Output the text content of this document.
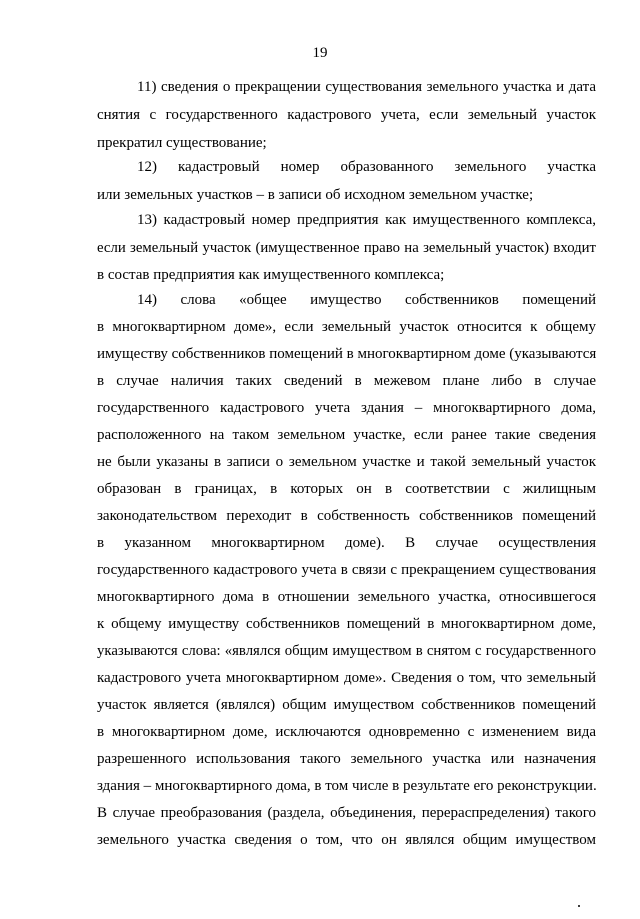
19
11) сведения о прекращении существования земельного участка и дата
снятия с государственного кадастрового учета, если земельный участок
прекратил существование;
12) кадастровый номер образованного земельного участка
или земельных участков – в записи об исходном земельном участке;
13) кадастровый номер предприятия как имущественного комплекса,
если земельный участок (имущественное право на земельный участок) входит
в состав предприятия как имущественного комплекса;
14) слова «общее имущество собственников помещений
в многоквартирном доме», если земельный участок относится к общему
имуществу собственников помещений в многоквартирном доме (указываются
в случае наличия таких сведений в межевом плане либо в случае
государственного кадастрового учета здания – многоквартирного дома,
расположенного на таком земельном участке, если ранее такие сведения
не были указаны в записи о земельном участке и такой земельный участок
образован в границах, в которых он в соответствии с жилищным
законодательством переходит в собственность собственников помещений
в указанном многоквартирном доме). В случае осуществления
государственного кадастрового учета в связи с прекращением существования
многоквартирного дома в отношении земельного участка, относившегося
к общему имуществу собственников помещений в многоквартирном доме,
указываются слова: «являлся общим имуществом в снятом с государственного
кадастрового учета многоквартирном доме». Сведения о том, что земельный
участок является (являлся) общим имуществом собственников помещений
в многоквартирном доме, исключаются одновременно с изменением вида
разрешенного использования такого земельного участка или назначения
здания – многоквартирного дома, в том числе в результате его реконструкции.
В случае преобразования (раздела, объединения, перераспределения) такого
земельного участка сведения о том, что он являлся общим имуществом
